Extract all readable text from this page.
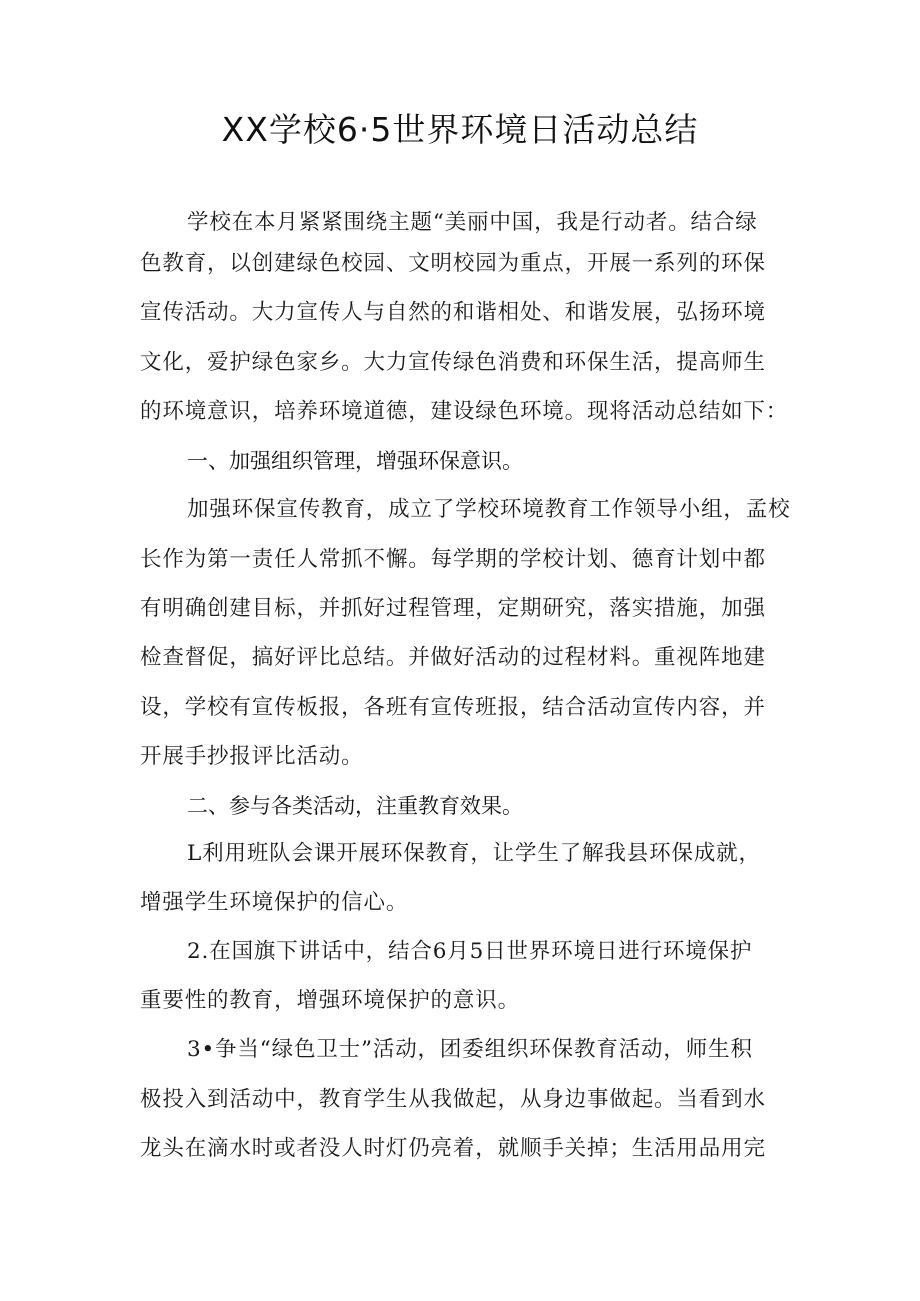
XX学校6·5世界环境日活动总结
学校在本月紧紧围绕主题“美丽中国，我是行动者。结合绿
色教育，以创建绿色校园、文明校园为重点，开展一系列的环保
宣传活动。大力宣传人与自然的和谐相处、和谐发展，弘扬环境
文化，爱护绿色家乡。大力宣传绿色消费和环保生活，提高师生
的环境意识，培养环境道德，建设绿色环境。现将活动总结如下：
一、加强组织管理，增强环保意识。
加强环保宣传教育，成立了学校环境教育工作领导小组，孟校
长作为第一责任人常抓不懈。每学期的学校计划、德育计划中都
有明确创建目标，并抓好过程管理，定期研究，落实措施，加强
检查督促，搞好评比总结。并做好活动的过程材料。重视阵地建
设，学校有宣传板报，各班有宣传班报，结合活动宣传内容，并
开展手抄报评比活动。
二、参与各类活动，注重教育效果。
L利用班队会课开展环保教育，让学生了解我县环保成就，
增强学生环境保护的信心。
2.在国旗下讲话中，结合6月5日世界环境日进行环境保护
重要性的教育，增强环境保护的意识。
3•争当“绿色卫士”活动，团委组织环保教育活动，师生积
极投入到活动中，教育学生从我做起，从身边事做起。当看到水
龙头在滴水时或者没人时灯仍亮着，就顺手关掉；生活用品用完
